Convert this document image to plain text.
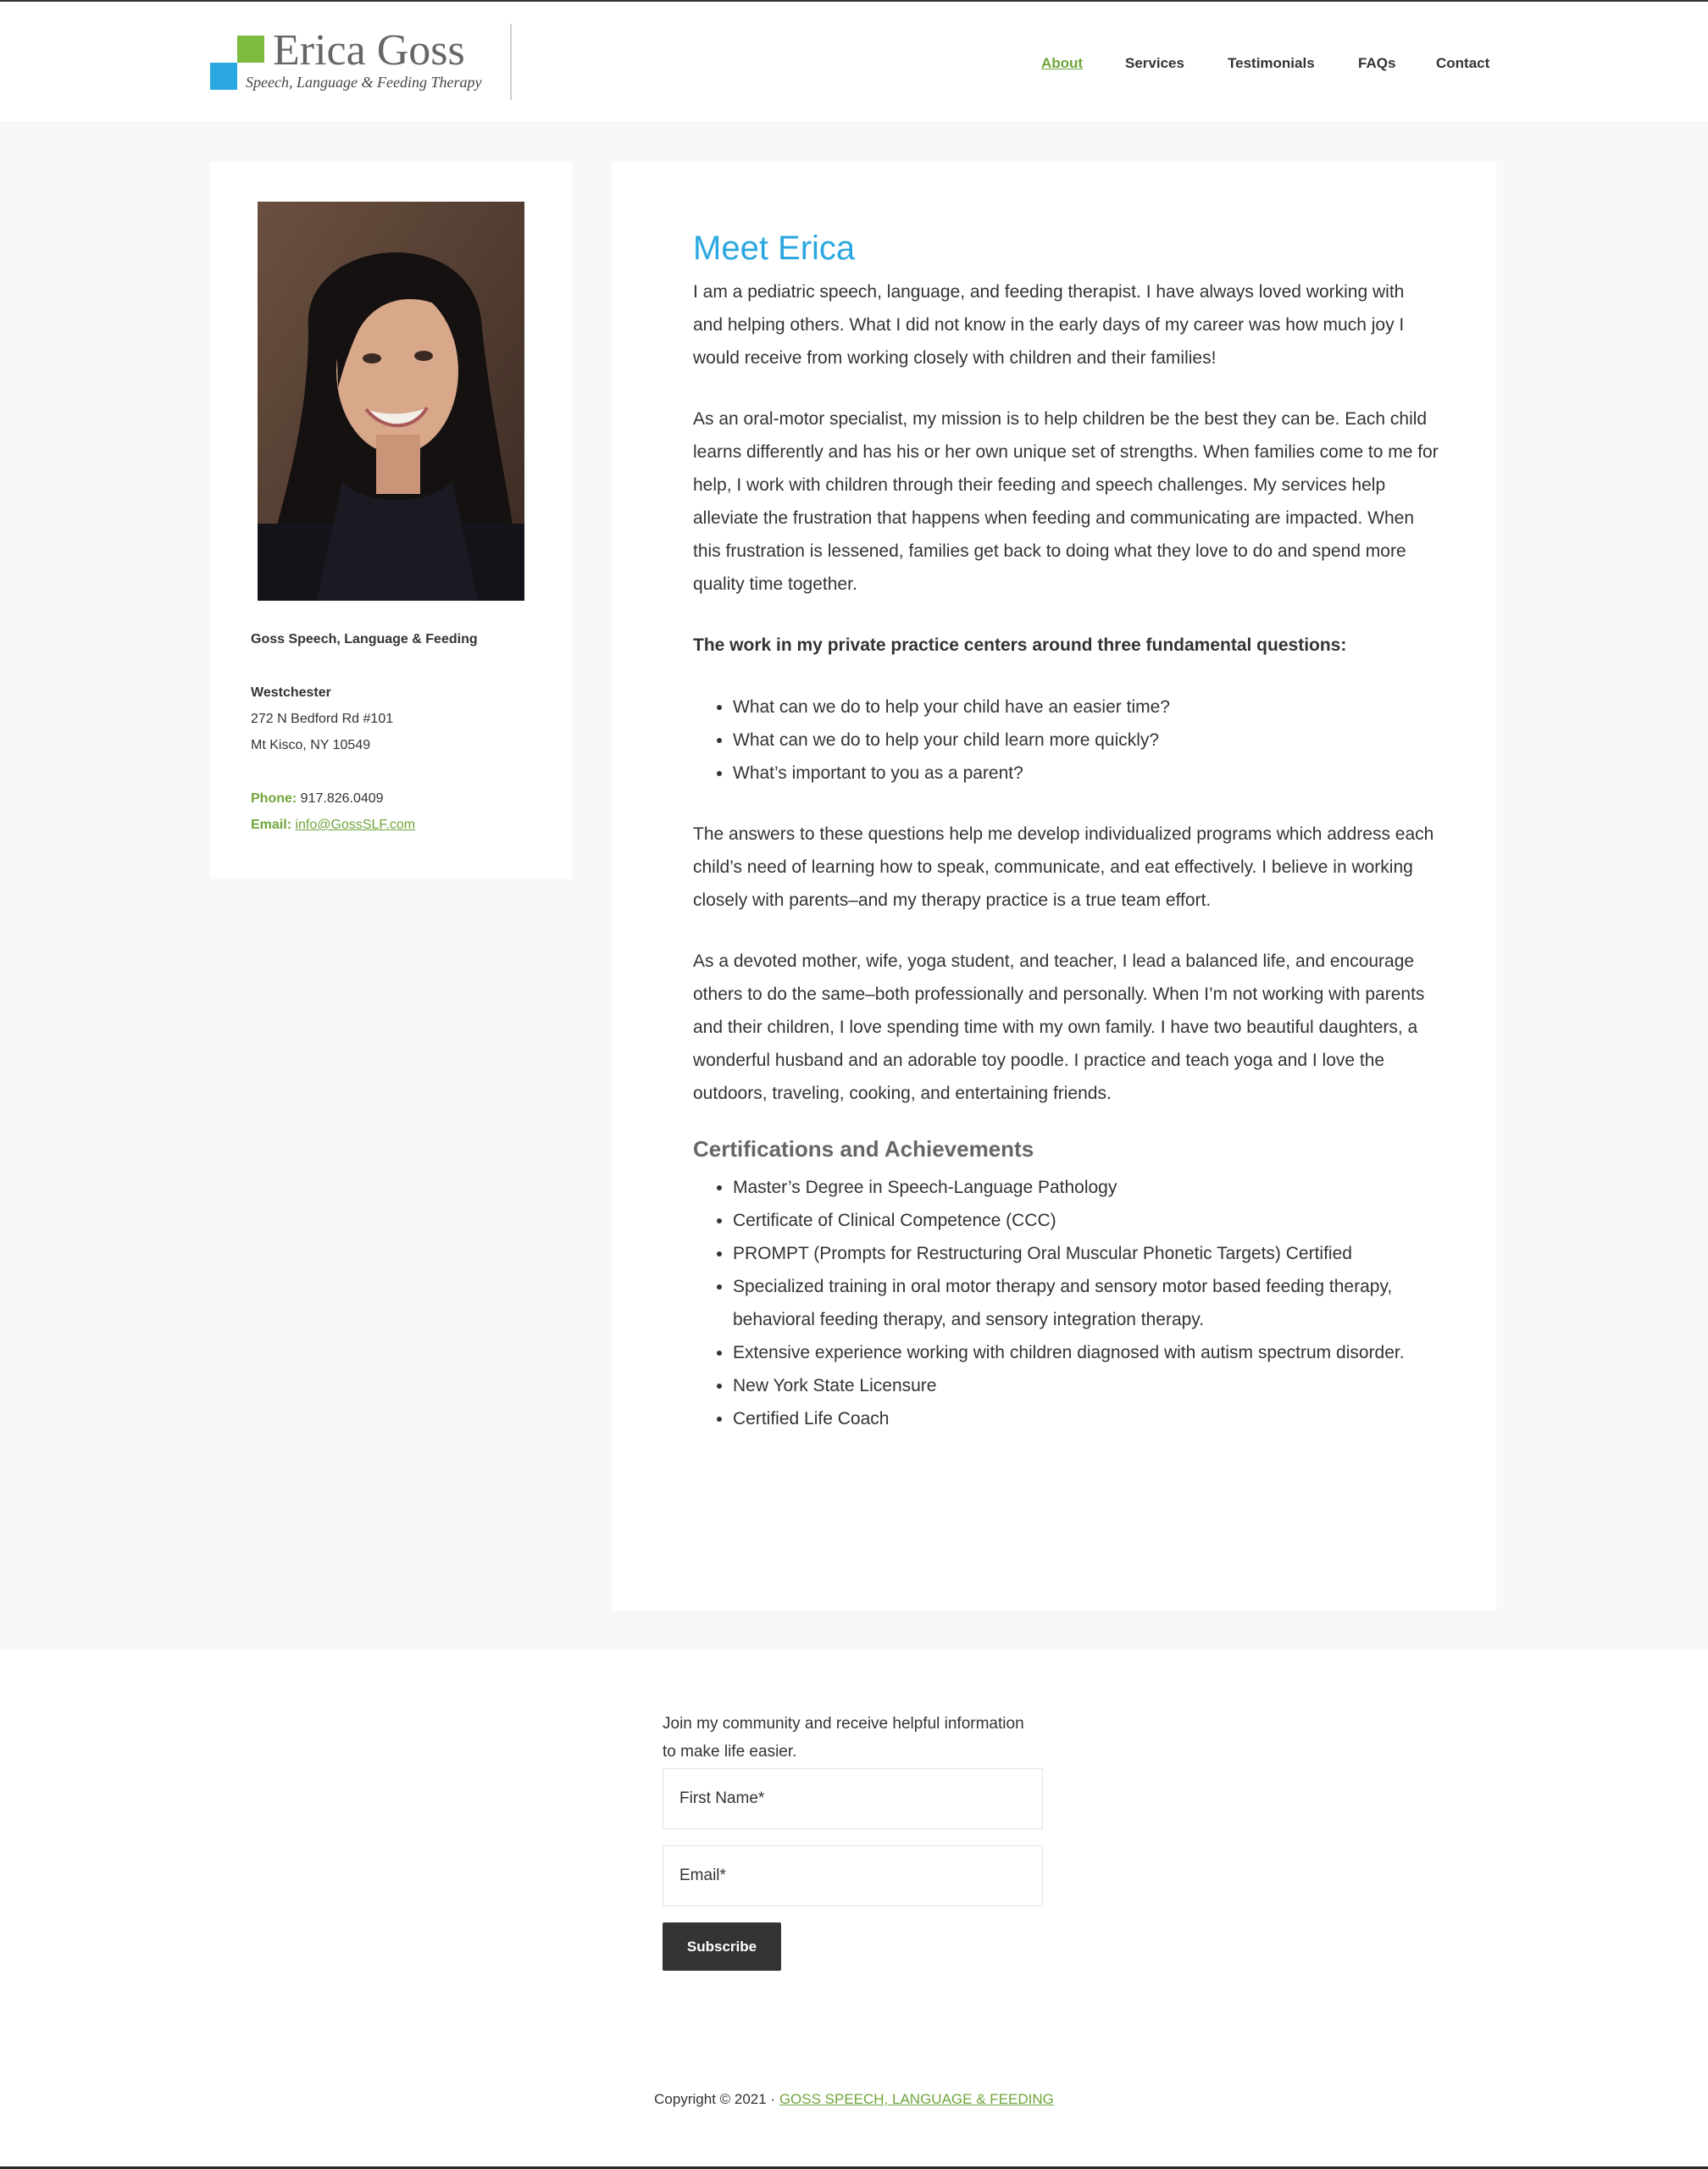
Erica Goss
Speech, Language & Feeding Therapy
About	Services	Testimonials	FAQs	Contact
Goss Speech, Language & Feeding
Westchester
272 N Bedford Rd #101
Mt Kisco, NY 10549
Phone: 917.826.0409
Email: info@GossSLF.com
Meet Erica

I am a pediatric speech, language, and feeding therapist. I have always loved working with and helping others. What I did not know in the early days of my career was how much joy I would receive from working closely with children and their families!

As an oral-motor specialist, my mission is to help children be the best they can be. Each child learns differently and has his or her own unique set of strengths. When families come to me for help, I work with children through their feeding and speech challenges. My services help alleviate the frustration that happens when feeding and communicating are impacted. When this frustration is lessened, families get back to doing what they love to do and spend more quality time together.

The work in my private practice centers around three fundamental questions:

• What can we do to help your child have an easier time?
• What can we do to help your child learn more quickly?
• What’s important to you as a parent?

The answers to these questions help me develop individualized programs which address each child’s need of learning how to speak, communicate, and eat effectively. I believe in working closely with parents–and my therapy practice is a true team effort.

As a devoted mother, wife, yoga student, and teacher, I lead a balanced life, and encourage others to do the same–both professionally and personally. When I’m not working with parents and their children, I love spending time with my own family. I have two beautiful daughters, a wonderful husband and an adorable toy poodle. I practice and teach yoga and I love the outdoors, traveling, cooking, and entertaining friends.

Certifications and Achievements
• Master’s Degree in Speech-Language Pathology
• Certificate of Clinical Competence (CCC)
• PROMPT (Prompts for Restructuring Oral Muscular Phonetic Targets) Certified
• Specialized training in oral motor therapy and sensory motor based feeding therapy, behavioral feeding therapy, and sensory integration therapy.
• Extensive experience working with children diagnosed with autism spectrum disorder.
• New York State Licensure
• Certified Life Coach
Join my community and receive helpful information to make life easier.
First Name*
Email*
Subscribe
Copyright © 2021 · GOSS SPEECH, LANGUAGE & FEEDING
